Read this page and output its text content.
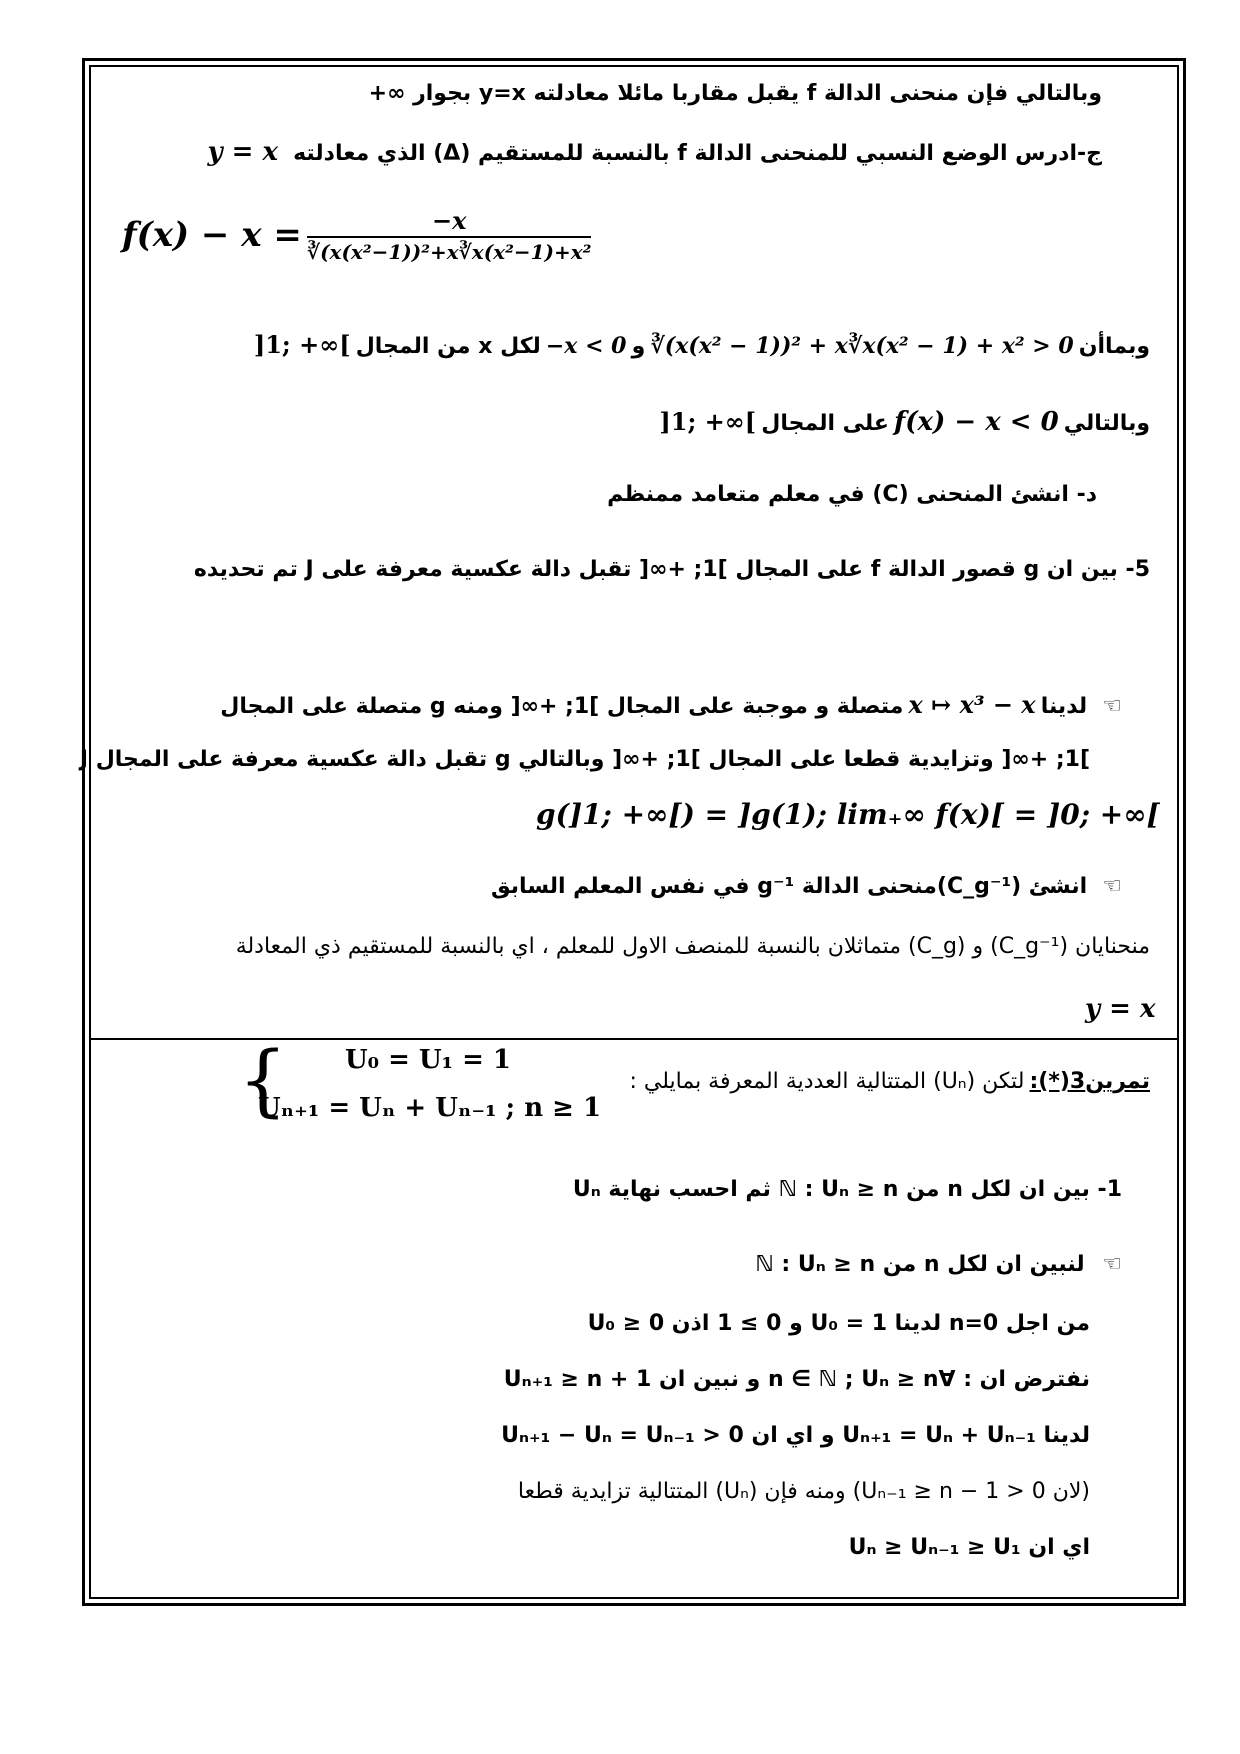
وبالتالي فإن منحنى الدالة f يقبل مقاربا مائلا معادلته y=x بجوار ∞+
ج-ادرس الوضع النسبي للمنحنى الدالة f بالنسبة للمستقيم (Δ) الذي معادلته y = x
$f(x) - x = \frac{-x}{\text{∛(x(x²−1))²+x∛x(x²−1)+x²}}$
وبماأن ∛(x(x² − 1))² + x∛x(x² − 1) + x² > 0 و −x < 0 لكل x من المجال ]1; +∞[
وبالتالي f(x) − x < 0 على المجال ]1; +∞[
د- انشئ المنحنى (C) في معلم متعامد ممنظم
5- بين ان g قصور الدالة f على المجال ]1; +∞[ تقبل دالة عكسية معرفة على J تم تحديده
☜ لدينا x ↦ x³ − x متصلة و موجبة على المجال ]1; +∞[ ومنه g متصلة على المجال
]1; +∞[ وتزايدية قطعا على المجال ]1; +∞[ وبالتالي g تقبل دالة عكسية معرفة على المجال J
g(]1; +∞[) = ]g(1); lim₊∞ f(x)[ = ]0; +∞[
☜ انشئ (C_g⁻¹)منحنى الدالة g⁻¹ في نفس المعلم السابق
منحنايان (C_g⁻¹) و (C_g) متماثلان بالنسبة للمنصف الاول للمعلم ، اي بالنسبة للمستقيم ذي المعادلة
y = x
تمرين3(*): لتكن (Uₙ) المتتالية العددية المعرفة بمايلي :
{ U₀ = U₁ = 1
Uₙ₊₁ = Uₙ + Uₙ₋₁ ; n ≥ 1
1- بين ان لكل n من ℕ : Uₙ ≥ n ثم احسب نهاية Uₙ
☜ لنبين ان لكل n من ℕ : Uₙ ≥ n
من اجل n=0 لدينا U₀ = 1 و 0 ≥ 1 اذن U₀ ≥ 0
نفترض ان : ∀n ∈ ℕ ; Uₙ ≥ n و نبين ان Uₙ₊₁ ≥ n + 1
لدينا Uₙ₊₁ = Uₙ + Uₙ₋₁ و اي ان Uₙ₊₁ − Uₙ = Uₙ₋₁ > 0
(لان Uₙ₋₁ ≥ n − 1 > 0) ومنه فإن (Uₙ) المتتالية تزايدية قطعا
اي ان Uₙ ≥ Uₙ₋₁ ≥ U₁
